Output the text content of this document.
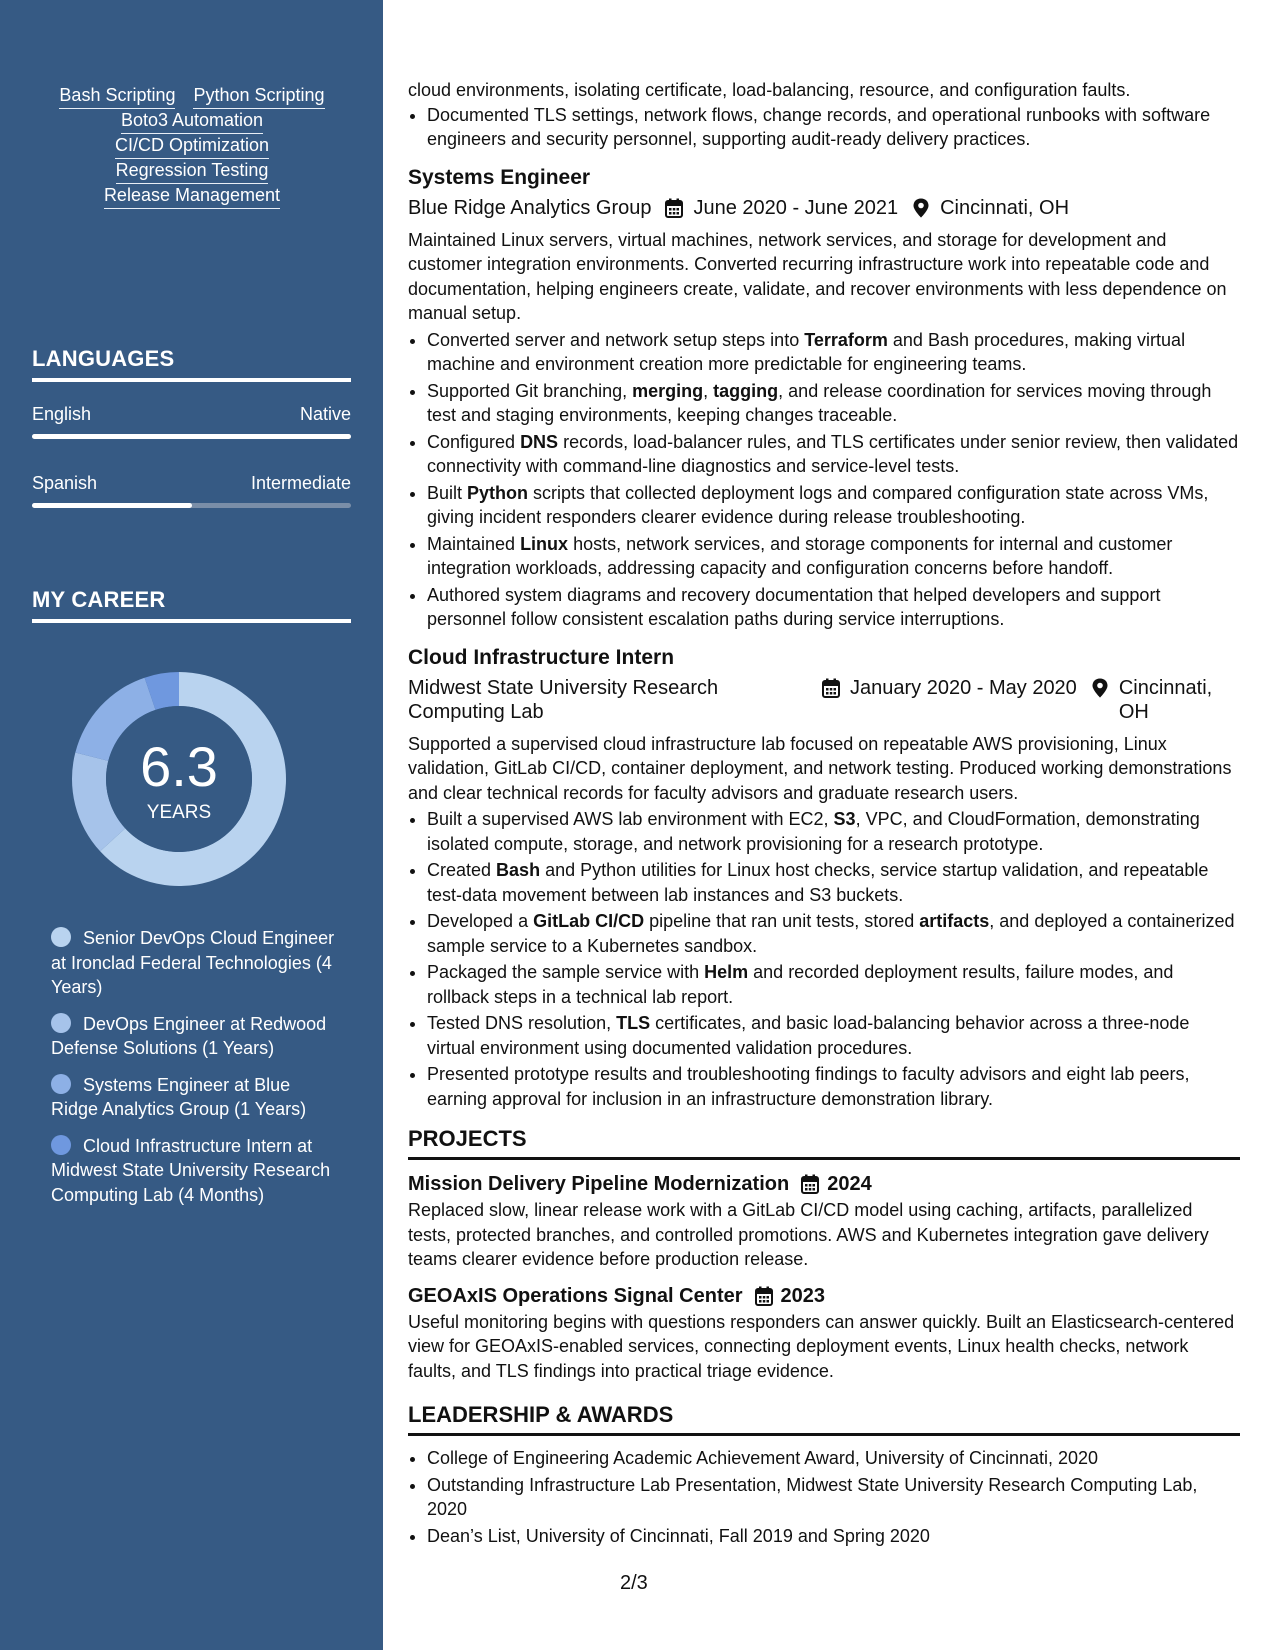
Bash Scripting Python Scripting
Boto3 Automation
CI/CD Optimization
Regression Testing
Release Management
LANGUAGES
English	Native
Spanish	Intermediate
MY CAREER
6.3
YEARS
Senior DevOps Cloud Engineer at Ironclad Federal Technologies (4 Years)
DevOps Engineer at Redwood Defense Solutions (1 Years)
Systems Engineer at Blue Ridge Analytics Group (1 Years)
Cloud Infrastructure Intern at Midwest State University Research Computing Lab (4 Months)
cloud environments, isolating certificate, load-balancing, resource, and configuration faults.
• Documented TLS settings, network flows, change records, and operational runbooks with software engineers and security personnel, supporting audit-ready delivery practices.
Systems Engineer
Blue Ridge Analytics Group June 2020 - June 2021 Cincinnati, OH

Maintained Linux servers, virtual machines, network services, and storage for development and customer integration environments. Converted recurring infrastructure work into repeatable code and documentation, helping engineers create, validate, and recover environments with less dependence on manual setup.

• Converted server and network setup steps into Terraform and Bash procedures, making virtual machine and environment creation more predictable for engineering teams.
• Supported Git branching, merging, tagging, and release coordination for services moving through test and staging environments, keeping changes traceable.
• Configured DNS records, load-balancer rules, and TLS certificates under senior review, then validated connectivity with command-line diagnostics and service-level tests.
• Built Python scripts that collected deployment logs and compared configuration state across VMs, giving incident responders clearer evidence during release troubleshooting.
• Maintained Linux hosts, network services, and storage components for internal and customer integration workloads, addressing capacity and configuration concerns before handoff.
• Authored system diagrams and recovery documentation that helped developers and support personnel follow consistent escalation paths during service interruptions.
Cloud Infrastructure Intern
Midwest State University Research Computing Lab
January 2020 - May 2020 Cincinnati, OH

Supported a supervised cloud infrastructure lab focused on repeatable AWS provisioning, Linux validation, GitLab CI/CD, container deployment, and network testing. Produced working demonstrations and clear technical records for faculty advisors and graduate research users.

• Built a supervised AWS lab environment with EC2, S3, VPC, and CloudFormation, demonstrating isolated compute, storage, and network provisioning for a research prototype.
• Created Bash and Python utilities for Linux host checks, service startup validation, and repeatable test-data movement between lab instances and S3 buckets.
• Developed a GitLab CI/CD pipeline that ran unit tests, stored artifacts, and deployed a containerized sample service to a Kubernetes sandbox.
• Packaged the sample service with Helm and recorded deployment results, failure modes, and rollback steps in a technical lab report.
• Tested DNS resolution, TLS certificates, and basic load-balancing behavior across a three-node virtual environment using documented validation procedures.
• Presented prototype results and troubleshooting findings to faculty advisors and eight lab peers, earning approval for inclusion in an infrastructure demonstration library.
PROJECTS
Mission Delivery Pipeline Modernization 2024

Replaced slow, linear release work with a GitLab CI/CD model using caching, artifacts, parallelized tests, protected branches, and controlled promotions. AWS and Kubernetes integration gave delivery teams clearer evidence before production release.

GEOAxIS Operations Signal Center 2023

Useful monitoring begins with questions responders can answer quickly. Built an Elasticsearch-centered view for GEOAxIS-enabled services, connecting deployment events, Linux health checks, network faults, and TLS findings into practical triage evidence.

LEADERSHIP & AWARDS
• College of Engineering Academic Achievement Award, University of Cincinnati, 2020
• Outstanding Infrastructure Lab Presentation, Midwest State University Research Computing Lab, 2020
• Dean’s List, University of Cincinnati, Fall 2019 and Spring 2020
2/3
